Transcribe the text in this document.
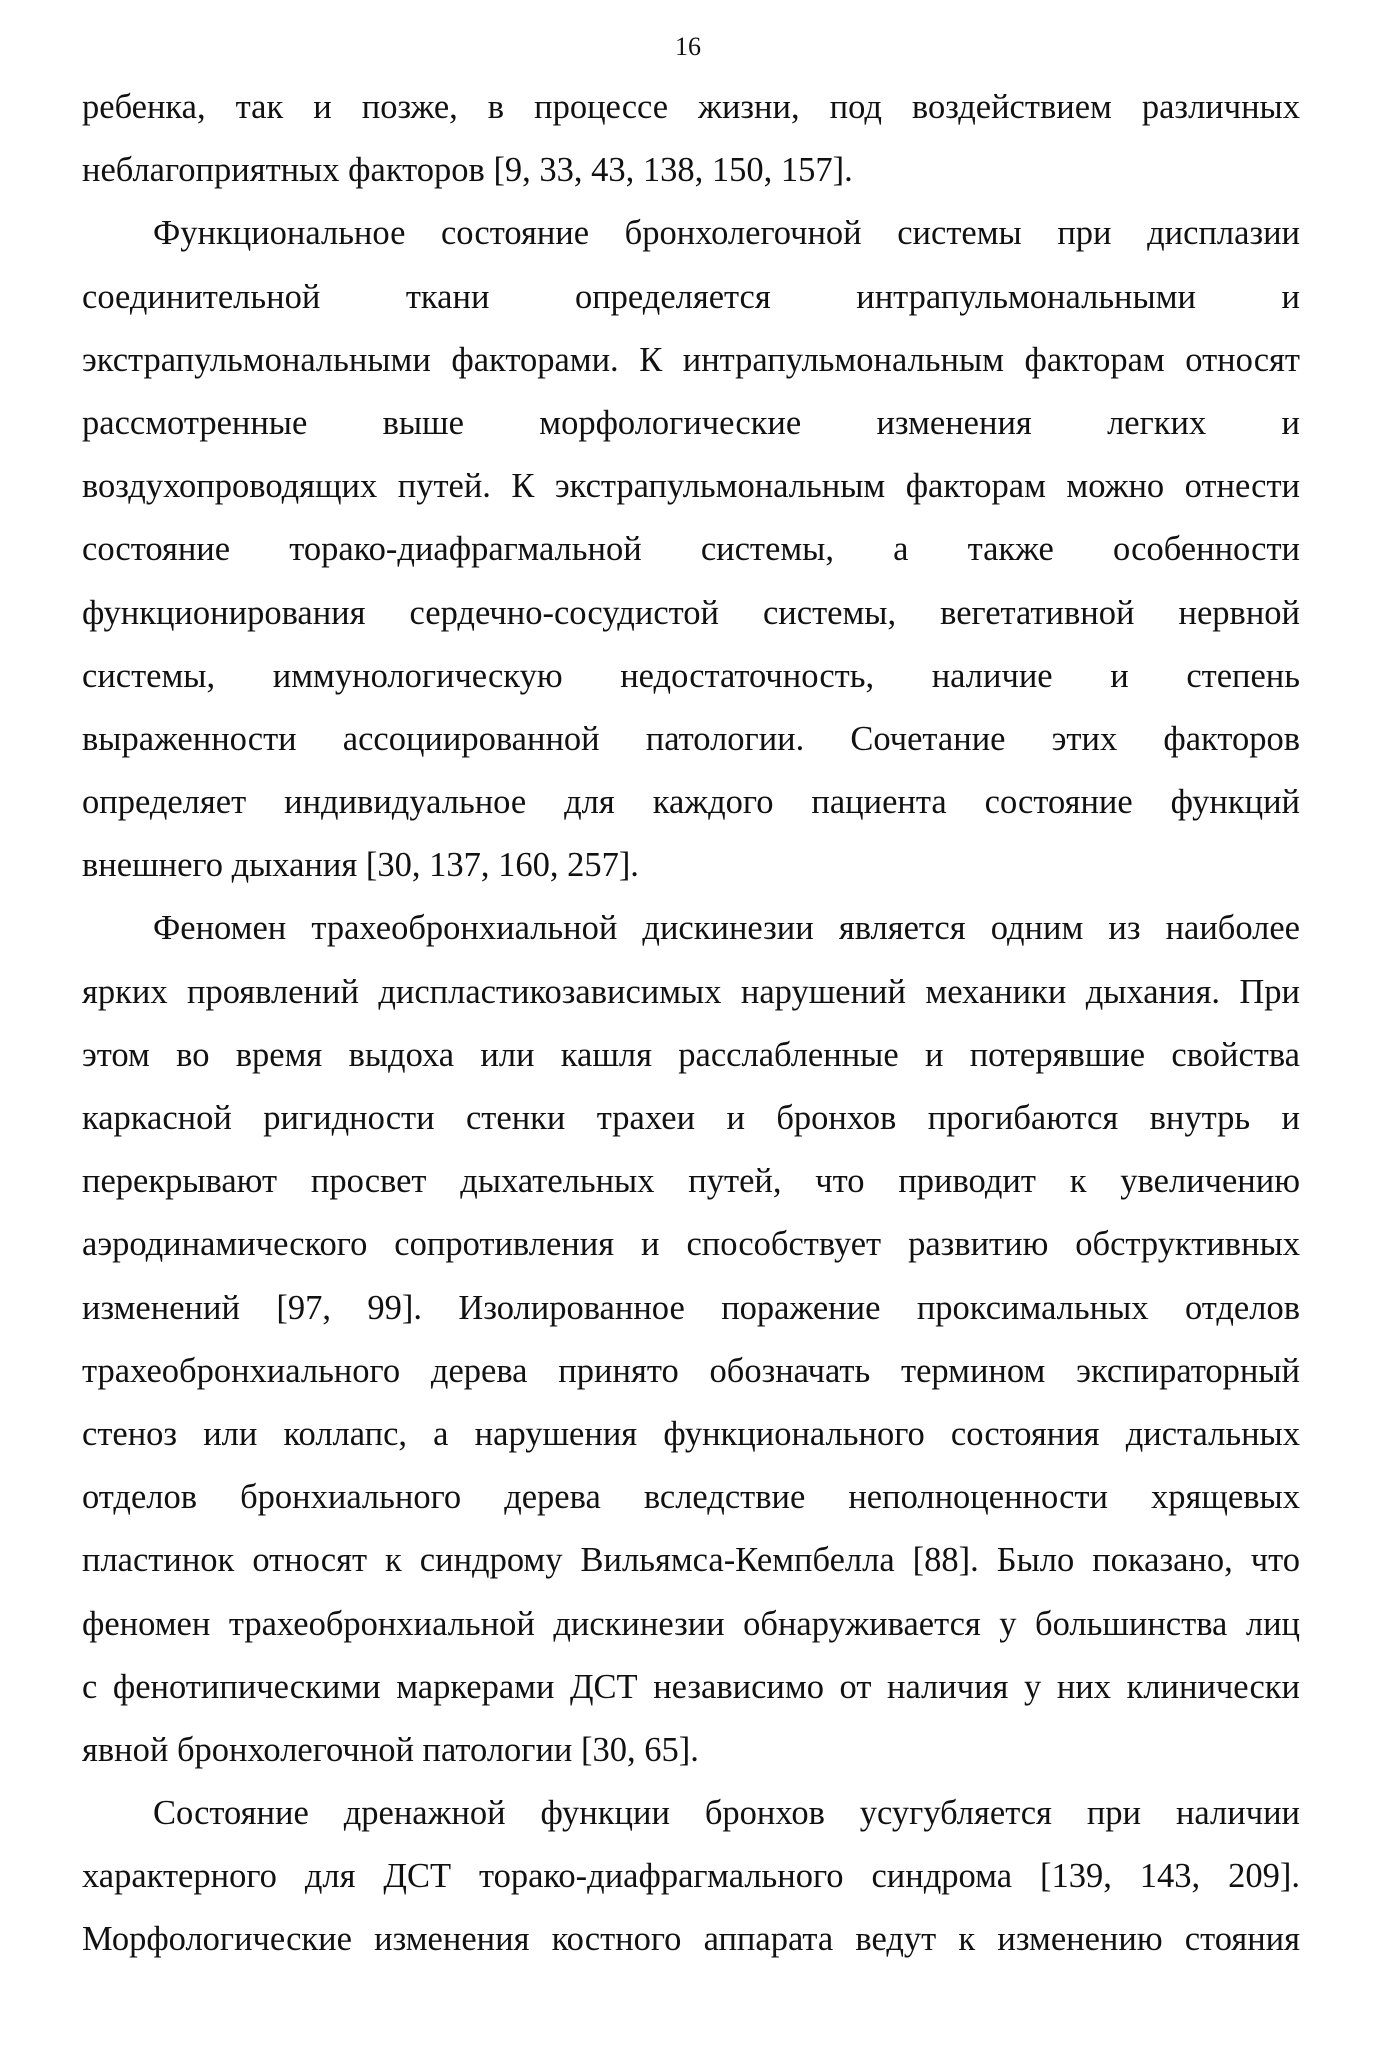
16
ребенка, так и позже, в процессе жизни, под воздействием различных
неблагоприятных факторов [9, 33, 43, 138, 150, 157].
Функциональное состояние бронхолегочной системы при дисплазии
соединительной ткани определяется интрапульмональными и
экстрапульмональными факторами. К интрапульмональным факторам относят
рассмотренные выше морфологические изменения легких и
воздухопроводящих путей. К экстрапульмональным факторам можно отнести
состояние торако-диафрагмальной системы, а также особенности
функционирования сердечно-сосудистой системы, вегетативной нервной
системы, иммунологическую недостаточность, наличие и степень
выраженности ассоциированной патологии. Сочетание этих факторов
определяет индивидуальное для каждого пациента состояние функций
внешнего дыхания [30, 137, 160, 257].
Феномен трахеобронхиальной дискинезии является одним из наиболее
ярких проявлений диспластикозависимых нарушений механики дыхания. При
этом во время выдоха или кашля расслабленные и потерявшие свойства
каркасной ригидности стенки трахеи и бронхов прогибаются внутрь и
перекрывают просвет дыхательных путей, что приводит к увеличению
аэродинамического сопротивления и способствует развитию обструктивных
изменений [97, 99]. Изолированное поражение проксимальных отделов
трахеобронхиального дерева принято обозначать термином экспираторный
стеноз или коллапс, а нарушения функционального состояния дистальных
отделов бронхиального дерева вследствие неполноценности хрящевых
пластинок относят к синдрому Вильямса-Кемпбелла [88]. Было показано, что
феномен трахеобронхиальной дискинезии обнаруживается у большинства лиц
с фенотипическими маркерами ДСТ независимо от наличия у них клинически
явной бронхолегочной патологии [30, 65].
Состояние дренажной функции бронхов усугубляется при наличии
характерного для ДСТ торако-диафрагмального синдрома [139, 143, 209].
Морфологические изменения костного аппарата ведут к изменению стояния
